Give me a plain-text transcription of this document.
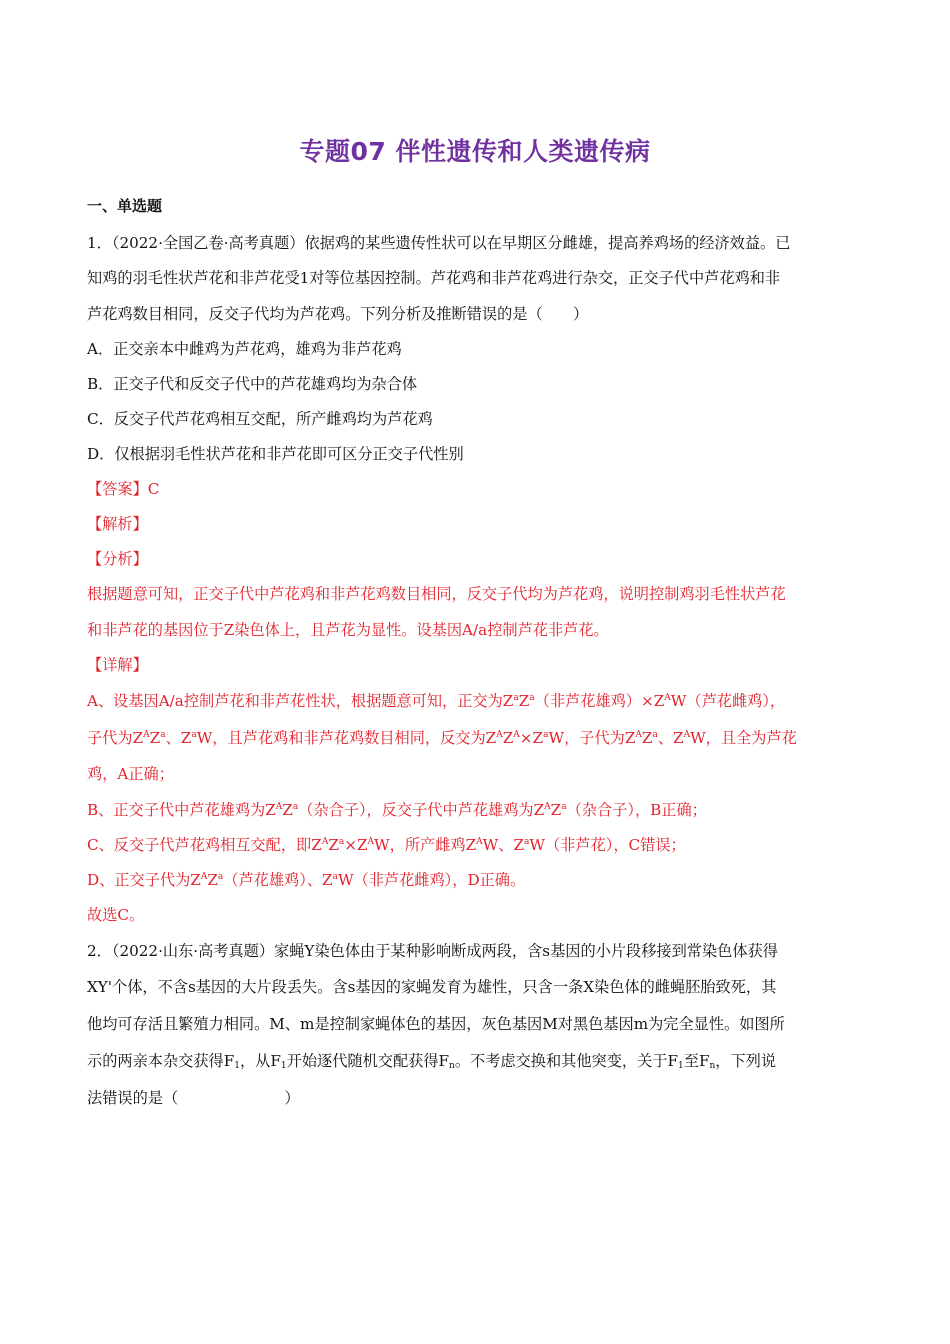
专题07 伴性遗传和人类遗传病
一、单选题
1．（2022·全国乙卷·高考真题）依据鸡的某些遗传性状可以在早期区分雌雄，提高养鸡场的经济效益。已
知鸡的羽毛性状芦花和非芦花受1对等位基因控制。芦花鸡和非芦花鸡进行杂交，正交子代中芦花鸡和非
芦花鸡数目相同，反交子代均为芦花鸡。下列分析及推断错误的是（　　）
A．正交亲本中雌鸡为芦花鸡，雄鸡为非芦花鸡
B．正交子代和反交子代中的芦花雄鸡均为杂合体
C．反交子代芦花鸡相互交配，所产雌鸡均为芦花鸡
D．仅根据羽毛性状芦花和非芦花即可区分正交子代性别
【答案】C
【解析】
【分析】
根据题意可知，正交子代中芦花鸡和非芦花鸡数目相同，反交子代均为芦花鸡，说明控制鸡羽毛性状芦花
和非芦花的基因位于Z染色体上，且芦花为显性。设基因A/a控制芦花非芦花。
【详解】
A、设基因A/a控制芦花和非芦花性状，根据题意可知，正交为$Z^aZ^a$（非芦花雄鸡）$\times Z^AW$（芦花雌鸡），
子代为$Z^AZ^a$、$Z^aW$，且芦花鸡和非芦花鸡数目相同，反交为$Z^AZ^A\times Z^aW$，子代为$Z^AZ^a$、$Z^AW$，且全为芦花
鸡，A正确；
B、正交子代中芦花雄鸡为$Z^AZ^a$（杂合子），反交子代中芦花雄鸡为$Z^AZ^a$（杂合子），B正确；
C、反交子代芦花鸡相互交配，即$Z^AZ^a\times Z^AW$，所产雌鸡$Z^AW$、$Z^aW$（非芦花），C错误；
D、正交子代为$Z^AZ^a$（芦花雄鸡）、$Z^aW$（非芦花雌鸡），D正确。
故选C。
2．（2022·山东·高考真题）家蝇Y染色体由于某种影响断成两段，含s基因的小片段移接到常染色体获得
XY'个体，不含s基因的大片段丢失。含s基因的家蝇发育为雄性，只含一条X染色体的雌蝇胚胎致死，其
他均可存活且繁殖力相同。M、m是控制家蝇体色的基因，灰色基因M对黑色基因m为完全显性。如图所
示的两亲本杂交获得$F_1$，从$F_1$开始逐代随机交配获得$F_n$。不考虑交换和其他突变，关于$F_1$至$F_n$，下列说
法错误的是（　　　　　　　）
